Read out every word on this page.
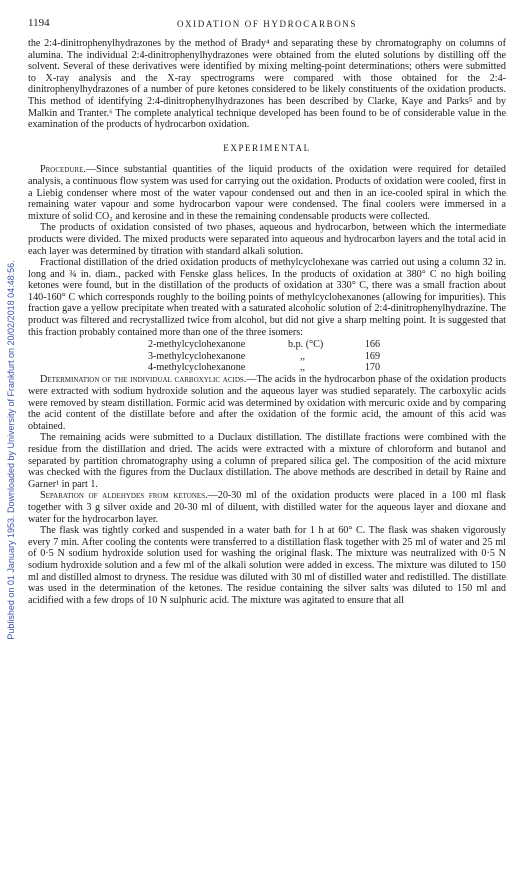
Published on 01 January 1953. Downloaded by University of Frankfurt on 20/02/2018 04:48:56.
1194	OXIDATION OF HYDROCARBONS

the 2:4-dinitrophenylhydrazones by the method of Brady⁴ and separating these by chromatography on columns of alumina. The individual 2:4-dinitrophenylhydrazones were obtained from the eluted solutions by distilling off the solvent. Several of these derivatives were identified by mixing melting-point determinations; others were submitted to X-ray analysis and the X-ray spectrograms were compared with those obtained for the 2:4-dinitrophenylhydrazones of a number of pure ketones considered to be likely constituents of the oxidation products. This method of identifying 2:4-dinitrophenylhydrazones has been described by Clarke, Kaye and Parks⁵ and by Malkin and Tranter.⁶ The complete analytical technique developed has been found to be of considerable value in the examination of the products of hydrocarbon oxidation.

EXPERIMENTAL

Procedure.—Since substantial quantities of the liquid products of the oxidation were required for detailed analysis, a continuous flow system was used for carrying out the oxidation. Products of oxidation were cooled, first in a Liebig condenser where most of the water vapour condensed out and then in an ice-cooled spiral in which the remaining water vapour and some hydrocarbon vapour were condensed. The final coolers were immersed in a mixture of solid CO₂ and kerosine and in these the remaining condensable products were collected.

The products of oxidation consisted of two phases, aqueous and hydrocarbon, between which the intermediate products were divided. The mixed products were separated into aqueous and hydrocarbon layers and the total acid in each layer was determined by titration with standard alkali solution.

Fractional distillation of the dried oxidation products of methylcyclohexane was carried out using a column 32 in. long and ¾ in. diam., packed with Fenske glass helices. In the products of oxidation at 380° C no high boiling ketones were found, but in the distillation of the products of oxidation at 330° C, there was a small fraction about 140-160° C which corresponds roughly to the boiling points of methylcyclohexanones (allowing for impurities). This fraction gave a yellow precipitate when treated with a saturated alcoholic solution of 2:4-dinitrophenylhydrazine. The product was filtered and recrystallized twice from alcohol, but did not give a sharp melting point. It is suggested that this fraction probably contained more than one of the three isomers:

2-methylcyclohexanone	b.p. (°C)	166
3-methylcyclohexanone	,,	169
4-methylcyclohexanone	,,	170

Determination of the individual carboxylic acids.—The acids in the hydrocarbon phase of the oxidation products were extracted with sodium hydroxide solution and the aqueous layer was studied separately. The carboxylic acids were removed by steam distillation. Formic acid was determined by oxidation with mercuric oxide and by comparing the acid content of the distillate before and after the oxidation of the formic acid, the amount of this acid was obtained.

The remaining acids were submitted to a Duclaux distillation. The distillate fractions were combined with the residue from the distillation and dried. The acids were extracted with a mixture of chloroform and butanol and separated by partition chromatography using a column of prepared silica gel. The composition of the acid mixture was checked with the figures from the Duclaux distillation. The above methods are described in detail by Raine and Garner¹ in part 1.

Separation of aldehydes from ketones.—20-30 ml of the oxidation products were placed in a 100 ml flask together with 3 g silver oxide and 20-30 ml of diluent, with distilled water for the aqueous layer and dioxane and water for the hydrocarbon layer.

The flask was tightly corked and suspended in a water bath for 1 h at 60° C. The flask was shaken vigorously every 7 min. After cooling the contents were transferred to a distillation flask together with 25 ml of water and 25 ml of 0·5 N sodium hydroxide solution used for washing the original flask. The mixture was neutralized with 0·5 N sodium hydroxide solution and a few ml of the alkali solution were added in excess. The mixture was diluted to 150 ml and distilled almost to dryness. The residue was diluted with 30 ml of distilled water and redistilled. The distillate was used in the determination of the ketones. The residue containing the silver salts was diluted to 150 ml and acidified with a few drops of 10 N sulphuric acid. The mixture was agitated to ensure that all
